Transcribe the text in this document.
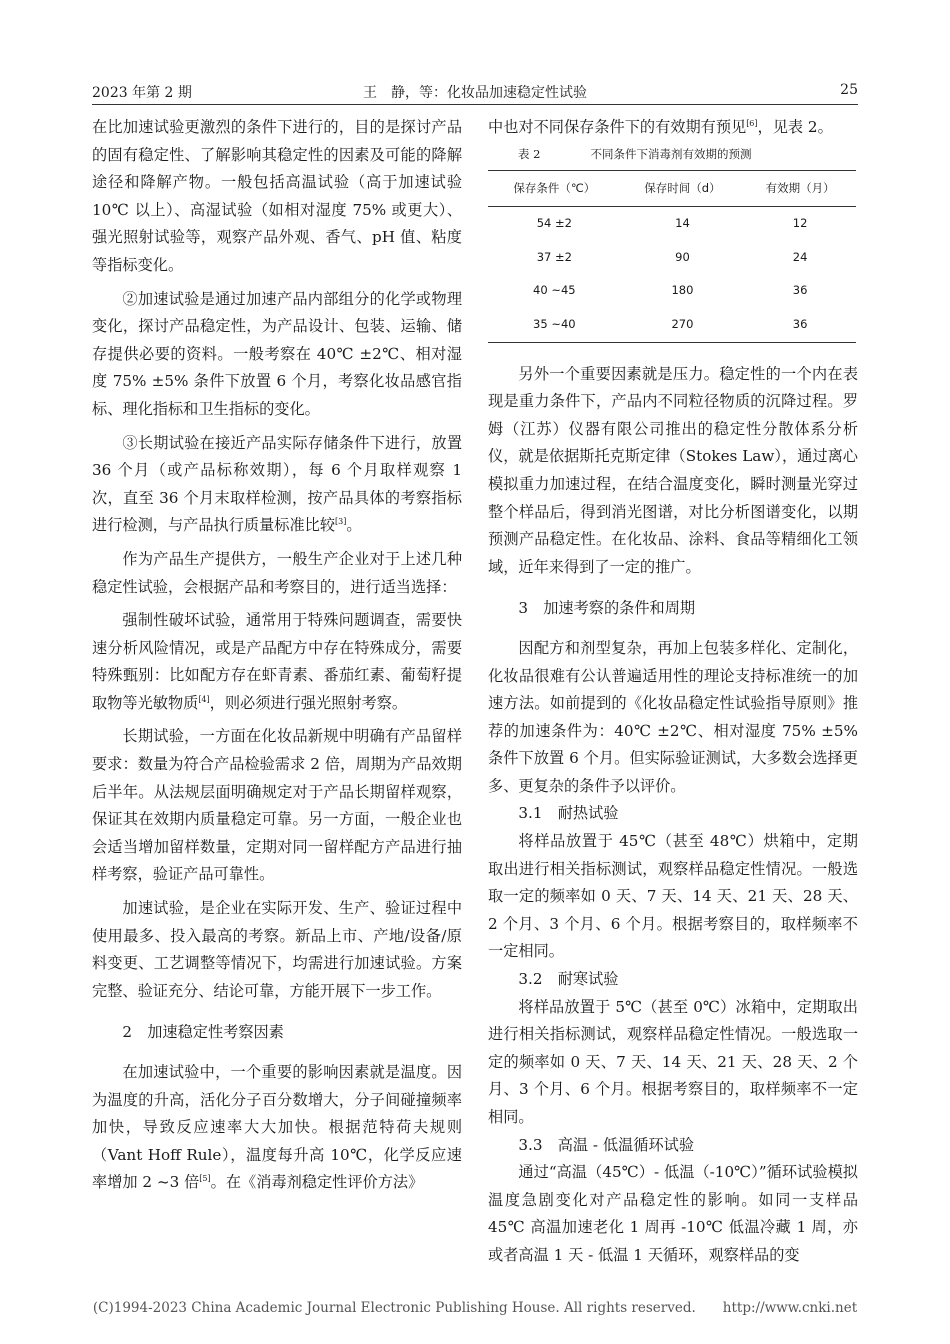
2023 年第 2 期	王　静，等：化妆品加速稳定性试验	25

在比加速试验更激烈的条件下进行的，目的是探讨产品的固有稳定性、了解影响其稳定性的因素及可能的降解途径和降解产物。一般包括高温试验（高于加速试验 10℃ 以上）、高湿试验（如相对湿度 75% 或更大）、强光照射试验等，观察产品外观、香气、pH 值、粘度等指标变化。

②加速试验是通过加速产品内部组分的化学或物理变化，探讨产品稳定性，为产品设计、包装、运输、储存提供必要的资料。一般考察在 40℃ ±2℃、相对湿度 75% ±5% 条件下放置 6 个月，考察化妆品感官指标、理化指标和卫生指标的变化。

③长期试验在接近产品实际存储条件下进行，放置 36 个月（或产品标称效期），每 6 个月取样观察 1 次，直至 36 个月末取样检测，按产品具体的考察指标进行检测，与产品执行质量标准比较[3]。

作为产品生产提供方，一般生产企业对于上述几种稳定性试验，会根据产品和考察目的，进行适当选择：

强制性破坏试验，通常用于特殊问题调查，需要快速分析风险情况，或是产品配方中存在特殊成分，需要特殊甄别：比如配方存在虾青素、番茄红素、葡萄籽提取物等光敏物质[4]，则必须进行强光照射考察。

长期试验，一方面在化妆品新规中明确有产品留样要求：数量为符合产品检验需求 2 倍，周期为产品效期后半年。从法规层面明确规定对于产品长期留样观察，保证其在效期内质量稳定可靠。另一方面，一般企业也会适当增加留样数量，定期对同一留样配方产品进行抽样考察，验证产品可靠性。

加速试验，是企业在实际开发、生产、验证过程中使用最多、投入最高的考察。新品上市、产地/设备/原料变更、工艺调整等情况下，均需进行加速试验。方案完整、验证充分、结论可靠，方能开展下一步工作。

2　加速稳定性考察因素

在加速试验中，一个重要的影响因素就是温度。因为温度的升高，活化分子百分数增大，分子间碰撞频率加快，导致反应速率大大加快。根据范特荷夫规则（Vant Hoff Rule），温度每升高 10℃，化学反应速率增加 2 ~3 倍[5]。在《消毒剂稳定性评价方法》

中也对不同保存条件下的有效期有预见[6]，见表 2。

表 2	不同条件下消毒剂有效期的预测
保存条件（℃）	保存时间（d）	有效期（月）
54 ±2	14	12
37 ±2	90	24
40 ~45	180	36
35 ~40	270	36

另外一个重要因素就是压力。稳定性的一个内在表现是重力条件下，产品内不同粒径物质的沉降过程。罗姆（江苏）仪器有限公司推出的稳定性分散体系分析仪，就是依据斯托克斯定律（Stokes Law），通过离心模拟重力加速过程，在结合温度变化，瞬时测量光穿过整个样品后，得到消光图谱，对比分析图谱变化，以期预测产品稳定性。在化妆品、涂料、食品等精细化工领域，近年来得到了一定的推广。

3　加速考察的条件和周期

因配方和剂型复杂，再加上包装多样化、定制化，化妆品很难有公认普遍适用性的理论支持标准统一的加速方法。如前提到的《化妆品稳定性试验指导原则》推荐的加速条件为：40℃ ±2℃、相对湿度 75% ±5% 条件下放置 6 个月。但实际验证测试，大多数会选择更多、更复杂的条件予以评价。

3.1　耐热试验

将样品放置于 45℃（甚至 48℃）烘箱中，定期取出进行相关指标测试，观察样品稳定性情况。一般选取一定的频率如 0 天、7 天、14 天、21 天、28 天、2 个月、3 个月、6 个月。根据考察目的，取样频率不一定相同。

3.2　耐寒试验

将样品放置于 5℃（甚至 0℃）冰箱中，定期取出进行相关指标测试，观察样品稳定性情况。一般选取一定的频率如 0 天、7 天、14 天、21 天、28 天、2 个月、3 个月、6 个月。根据考察目的，取样频率不一定相同。

3.3　高温 - 低温循环试验

通过“高温（45℃）- 低温（-10℃）”循环试验模拟温度急剧变化对产品稳定性的影响。如同一支样品 45℃ 高温加速老化 1 周再 -10℃ 低温冷藏 1 周，亦或者高温 1 天 - 低温 1 天循环，观察样品的变

(C)1994-2023 China Academic Journal Electronic Publishing House. All rights reserved.　　http://www.cnki.net
